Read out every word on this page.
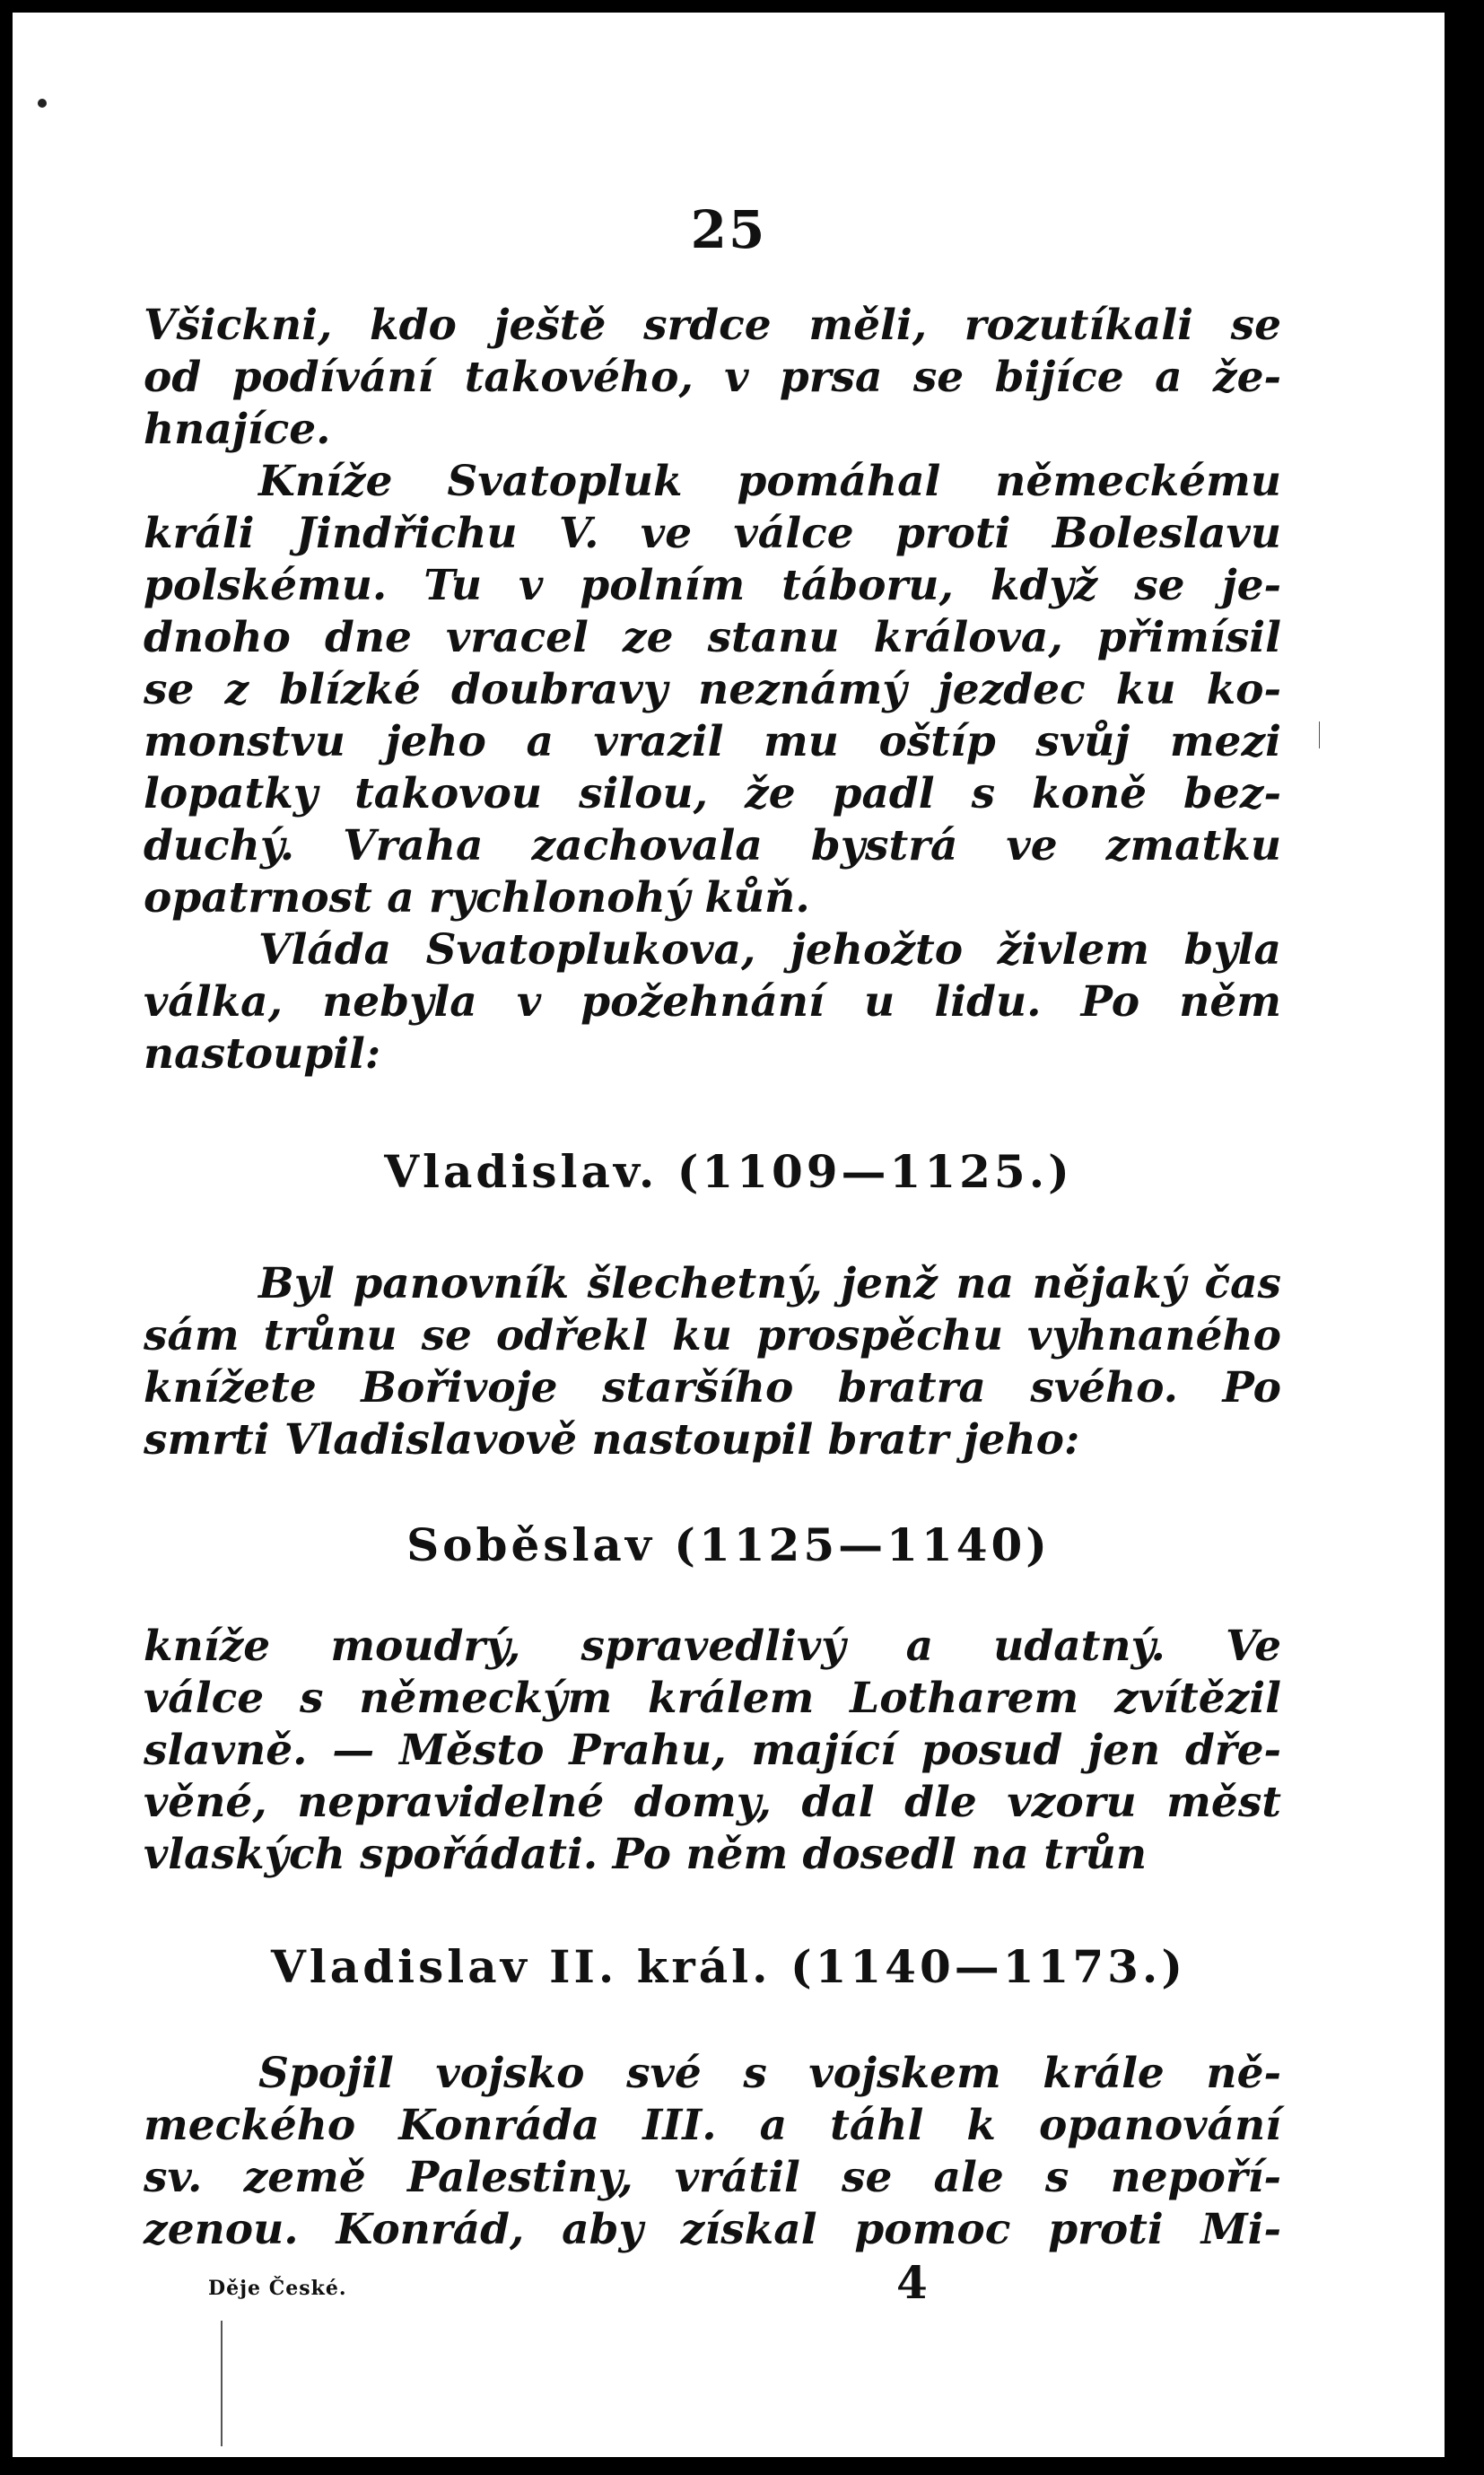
25
Všickni, kdo ještě srdce měli, rozutíkali se
od podívání takového, v prsa se bijíce a že-
hnajíce.
Kníže Svatopluk pomáhal německému
králi Jindřichu V. ve válce proti Boleslavu
polskému. Tu v polním táboru, když se je-
dnoho dne vracel ze stanu králova, přimísil
se z blízké doubravy neznámý jezdec ku ko-
monstvu jeho a vrazil mu oštíp svůj mezi
lopatky takovou silou, že padl s koně bez-
duchý. Vraha zachovala bystrá ve zmatku
opatrnost a rychlonohý kůň.
Vláda Svatoplukova, jehožto živlem byla
válka, nebyla v požehnání u lidu. Po něm
nastoupil:
Vladislav. (1109—1125.)
Byl panovník šlechetný, jenž na nějaký čas
sám trůnu se odřekl ku prospěchu vyhnaného
knížete Bořivoje staršího bratra svého. Po
smrti Vladislavově nastoupil bratr jeho:
Soběslav (1125—1140)
kníže moudrý, spravedlivý a udatný. Ve
válce s německým králem Lotharem zvítězil
slavně. — Město Prahu, mající posud jen dře-
věné, nepravidelné domy, dal dle vzoru měst
vlaských spořádati. Po něm dosedl na trůn
Vladislav II. král. (1140—1173.)
Spojil vojsko své s vojskem krále ně-
meckého Konráda III. a táhl k opanování
sv. země Palestiny, vrátil se ale s nepoří-
zenou. Konrád, aby získal pomoc proti Mi-
Děje České.	4
